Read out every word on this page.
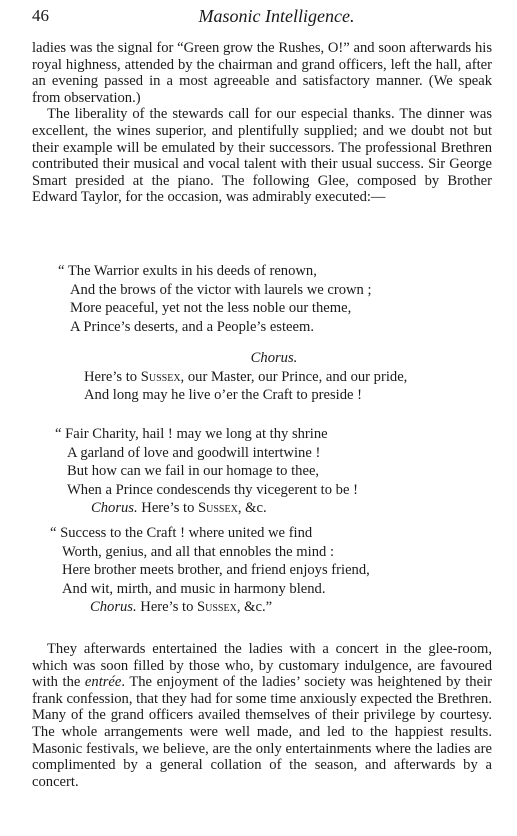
46	Masonic Intelligence.

ladies was the signal for “Green grow the Rushes, O!” and soon afterwards his royal highness, attended by the chairman and grand officers, left the hall, after an evening passed in a most agreeable and satisfactory manner. (We speak from observation.)

The liberality of the stewards call for our especial thanks. The dinner was excellent, the wines superior, and plentifully supplied; and we doubt not but their example will be emulated by their successors. The professional Brethren contributed their musical and vocal talent with their usual success. Sir George Smart presided at the piano. The following Glee, composed by Brother Edward Taylor, for the occasion, was admirably executed:—

“ The Warrior exults in his deeds of renown,
And the brows of the victor with laurels we crown ;
More peaceful, yet not the less noble our theme,
A Prince’s deserts, and a People’s esteem.
Chorus.
Here’s to Sussex, our Master, our Prince, and our pride,
And long may he live o’er the Craft to preside !
“ Fair Charity, hail ! may we long at thy shrine
A garland of love and goodwill intertwine !
But how can we fail in our homage to thee,
When a Prince condescends thy vicegerent to be !
Chorus. Here’s to Sussex, &c.
“ Success to the Craft ! where united we find
Worth, genius, and all that ennobles the mind :
Here brother meets brother, and friend enjoys friend,
And wit, mirth, and music in harmony blend.
Chorus. Here’s to Sussex, &c.”

They afterwards entertained the ladies with a concert in the glee-room, which was soon filled by those who, by customary indulgence, are favoured with the entrée. The enjoyment of the ladies’ society was heightened by their frank confession, that they had for some time anxiously expected the Brethren. Many of the grand officers availed themselves of their privilege by courtesy. The whole arrangements were well made, and led to the happiest results. Masonic festivals, we believe, are the only entertainments where the ladies are complimented by a general collation of the season, and afterwards by a concert.
